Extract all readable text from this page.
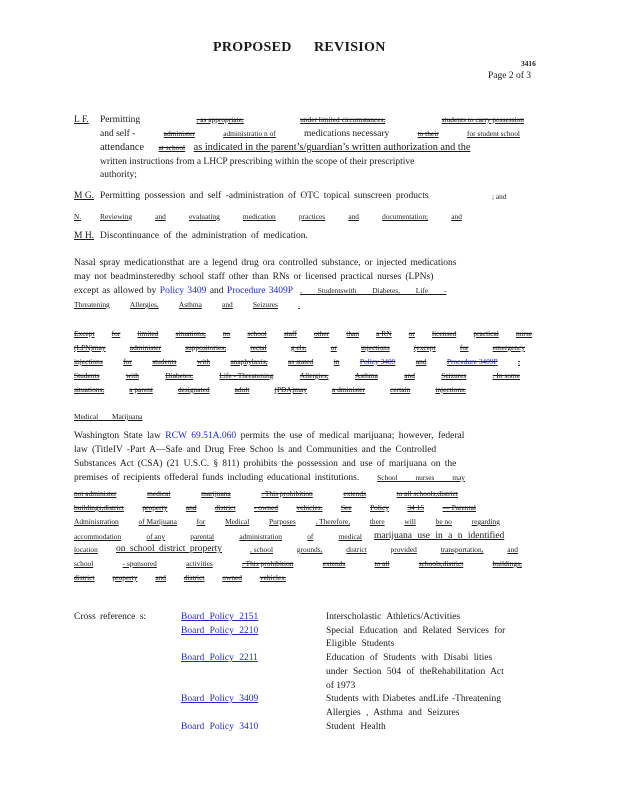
PROPOSED REVISION
3416
Page 2 of 3
L F. Permitting	, as appropriate,	under limited circumstances,	students to carry possession
and self -	administer	administratio n of	medications necessary	to their	for student school
attendance at school as indicated in the parent’s/guardian’s written authorization and the
written instructions from a LHCP prescribing within the scope of their prescriptive
authority;
M G. Permitting possession and self -administration of OTC topical sunscreen products	; and
N.	Reviewing	and	evaluating	medication	practices	and	documentation;	and
M H. Discontinuance of the administration of medication.
Nasal spray medicationsthat are a legend drug ora controlled substance, or injected medications
may not beadminsteredby school staff other than RNs or licensed practical nurses (LPNs)
except as allowed by Policy 3409 and Procedure 3409P , Studentswith Diabetes, Life -
Threatening	Allergies,	Asthma	and	Seizures	.
Except for limited situations, no school staff other than a RN or licensed practical nurse
(LPN)may	administer	suppositories,	rectal	g els,	or	injections	(except	for	emergency
injections	for	students	with	anaphylaxis,	as stated	in	Policy 3409	and	Procedure 3409P	,
Students	with	Diabetes,	Life - Threatening	Allergies,	Asthma	and	Seizures	. In some
situations,	a parent	designated	adult	(PDA)may	a dminister	certain	injections.
Medical Marijuana
Washington State law RCW 69.51A.060 permits the use of medical marijuana; however, federal
law (TitleIV -Part A—Safe and Drug Free Schoo ls and Communities and the Controlled
Substances Act (CSA) (21 U.S.C. § 811) prohibits the possession and use of marijuana on the
premises of recipients offederal funds including educational institutions. School nurses may
not administer	medical	marijuana	. This prohibition	extends	to all schools,district
buildings,district property and district - owned vehicles. See Policy 34 15 — Parental
Administration	of Marijuana	for	Medical	Purposes	. Therefore,	there	will	be no	regarding
accommodation	of any	parental	administration	of	medical marijuana use in a n identified
location on school district property	, school	grounds,	district	provided	transportation,	and
school	- sponsored	activities	. This prohibition	extends	to all	schools,district	buildings,
district property and district owned vehicles.
Cross reference s:	Board Policy 2151	Interscholastic Athletics/Activities
Board Policy 2210	Special Education and Related Services for
Eligible Students
Board Policy 2211	Education of Students with Disabi lities
under Section 504 of theRehabilitation Act
of 1973
Board Policy 3409	Students with Diabetes andLife -Threatening
Allergies , Asthma and Seizures
Board Policy 3410	Student Health
